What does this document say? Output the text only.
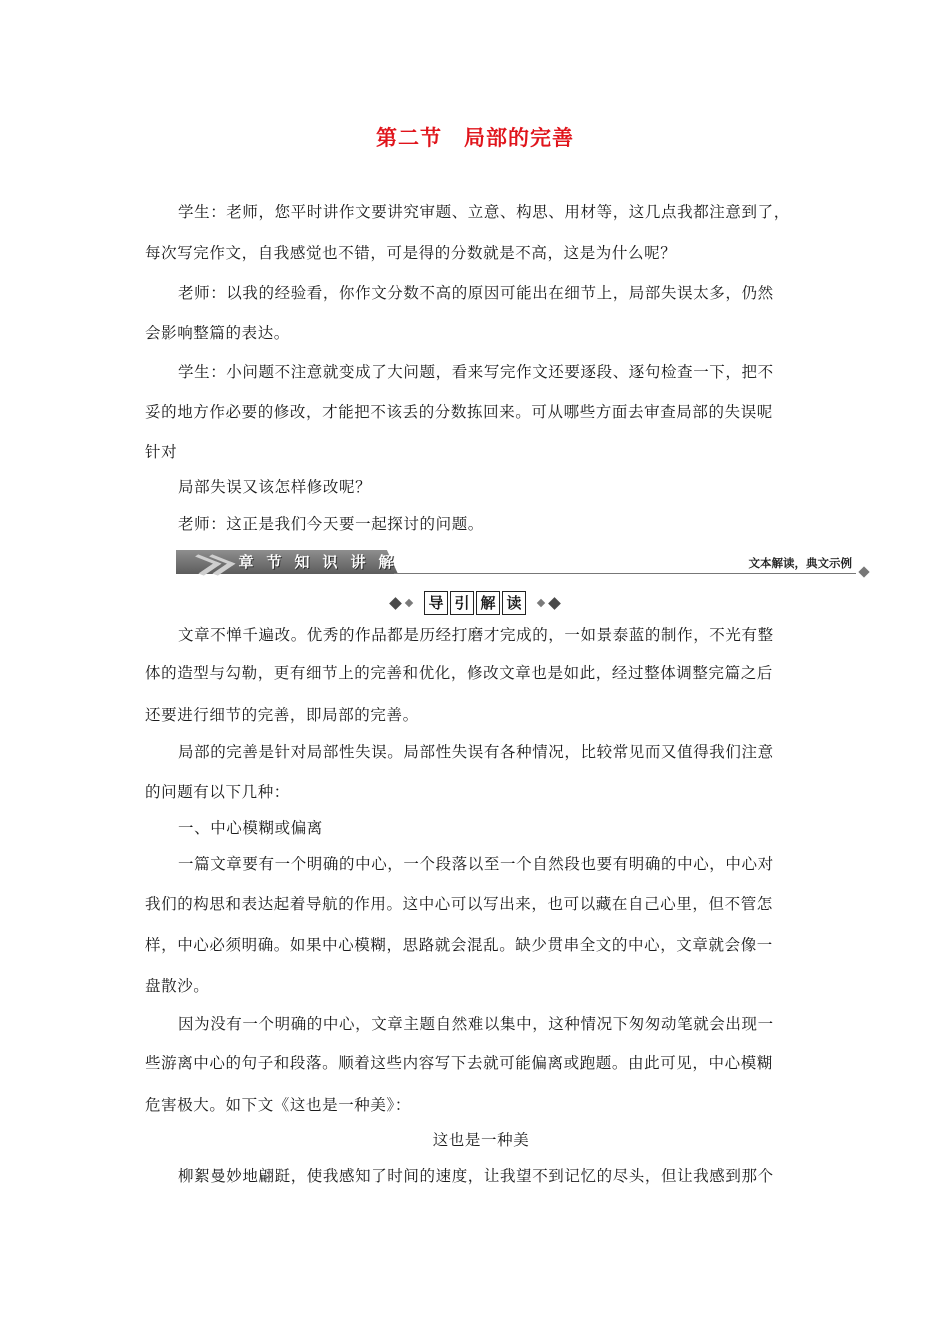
第二节 局部的完善
学生：老师，您平时讲作文要讲究审题、立意、构思、用材等，这几点我都注意到了，
每次写完作文，自我感觉也不错，可是得的分数就是不高，这是为什么呢？
老师：以我的经验看，你作文分数不高的原因可能出在细节上，局部失误太多，仍然
会影响整篇的表达。
学生：小问题不注意就变成了大问题，看来写完作文还要逐段、逐句检查一下，把不
妥的地方作必要的修改，才能把不该丢的分数拣回来。可从哪些方面去审查局部的失误呢
针对
局部失误又该怎样修改呢？
老师：这正是我们今天要一起探讨的问题。
章 节 知 识 讲 解	文本解读，典文示例
导 引 解 读
文章不惮千遍改。优秀的作品都是历经打磨才完成的，一如景泰蓝的制作，不光有整
体的造型与勾勒，更有细节上的完善和优化，修改文章也是如此，经过整体调整完篇之后
还要进行细节的完善，即局部的完善。
局部的完善是针对局部性失误。局部性失误有各种情况，比较常见而又值得我们注意
的问题有以下几种：
一、中心模糊或偏离
一篇文章要有一个明确的中心，一个段落以至一个自然段也要有明确的中心，中心对
我们的构思和表达起着导航的作用。这中心可以写出来，也可以藏在自己心里，但不管怎
样，中心必须明确。如果中心模糊，思路就会混乱。缺少贯串全文的中心，文章就会像一
盘散沙。
因为没有一个明确的中心，文章主题自然难以集中，这种情况下匆匆动笔就会出现一
些游离中心的句子和段落。顺着这些内容写下去就可能偏离或跑题。由此可见，中心模糊
危害极大。如下文《这也是一种美》：
这也是一种美
柳絮曼妙地翩跹，使我感知了时间的速度，让我望不到记忆的尽头，但让我感到那个
